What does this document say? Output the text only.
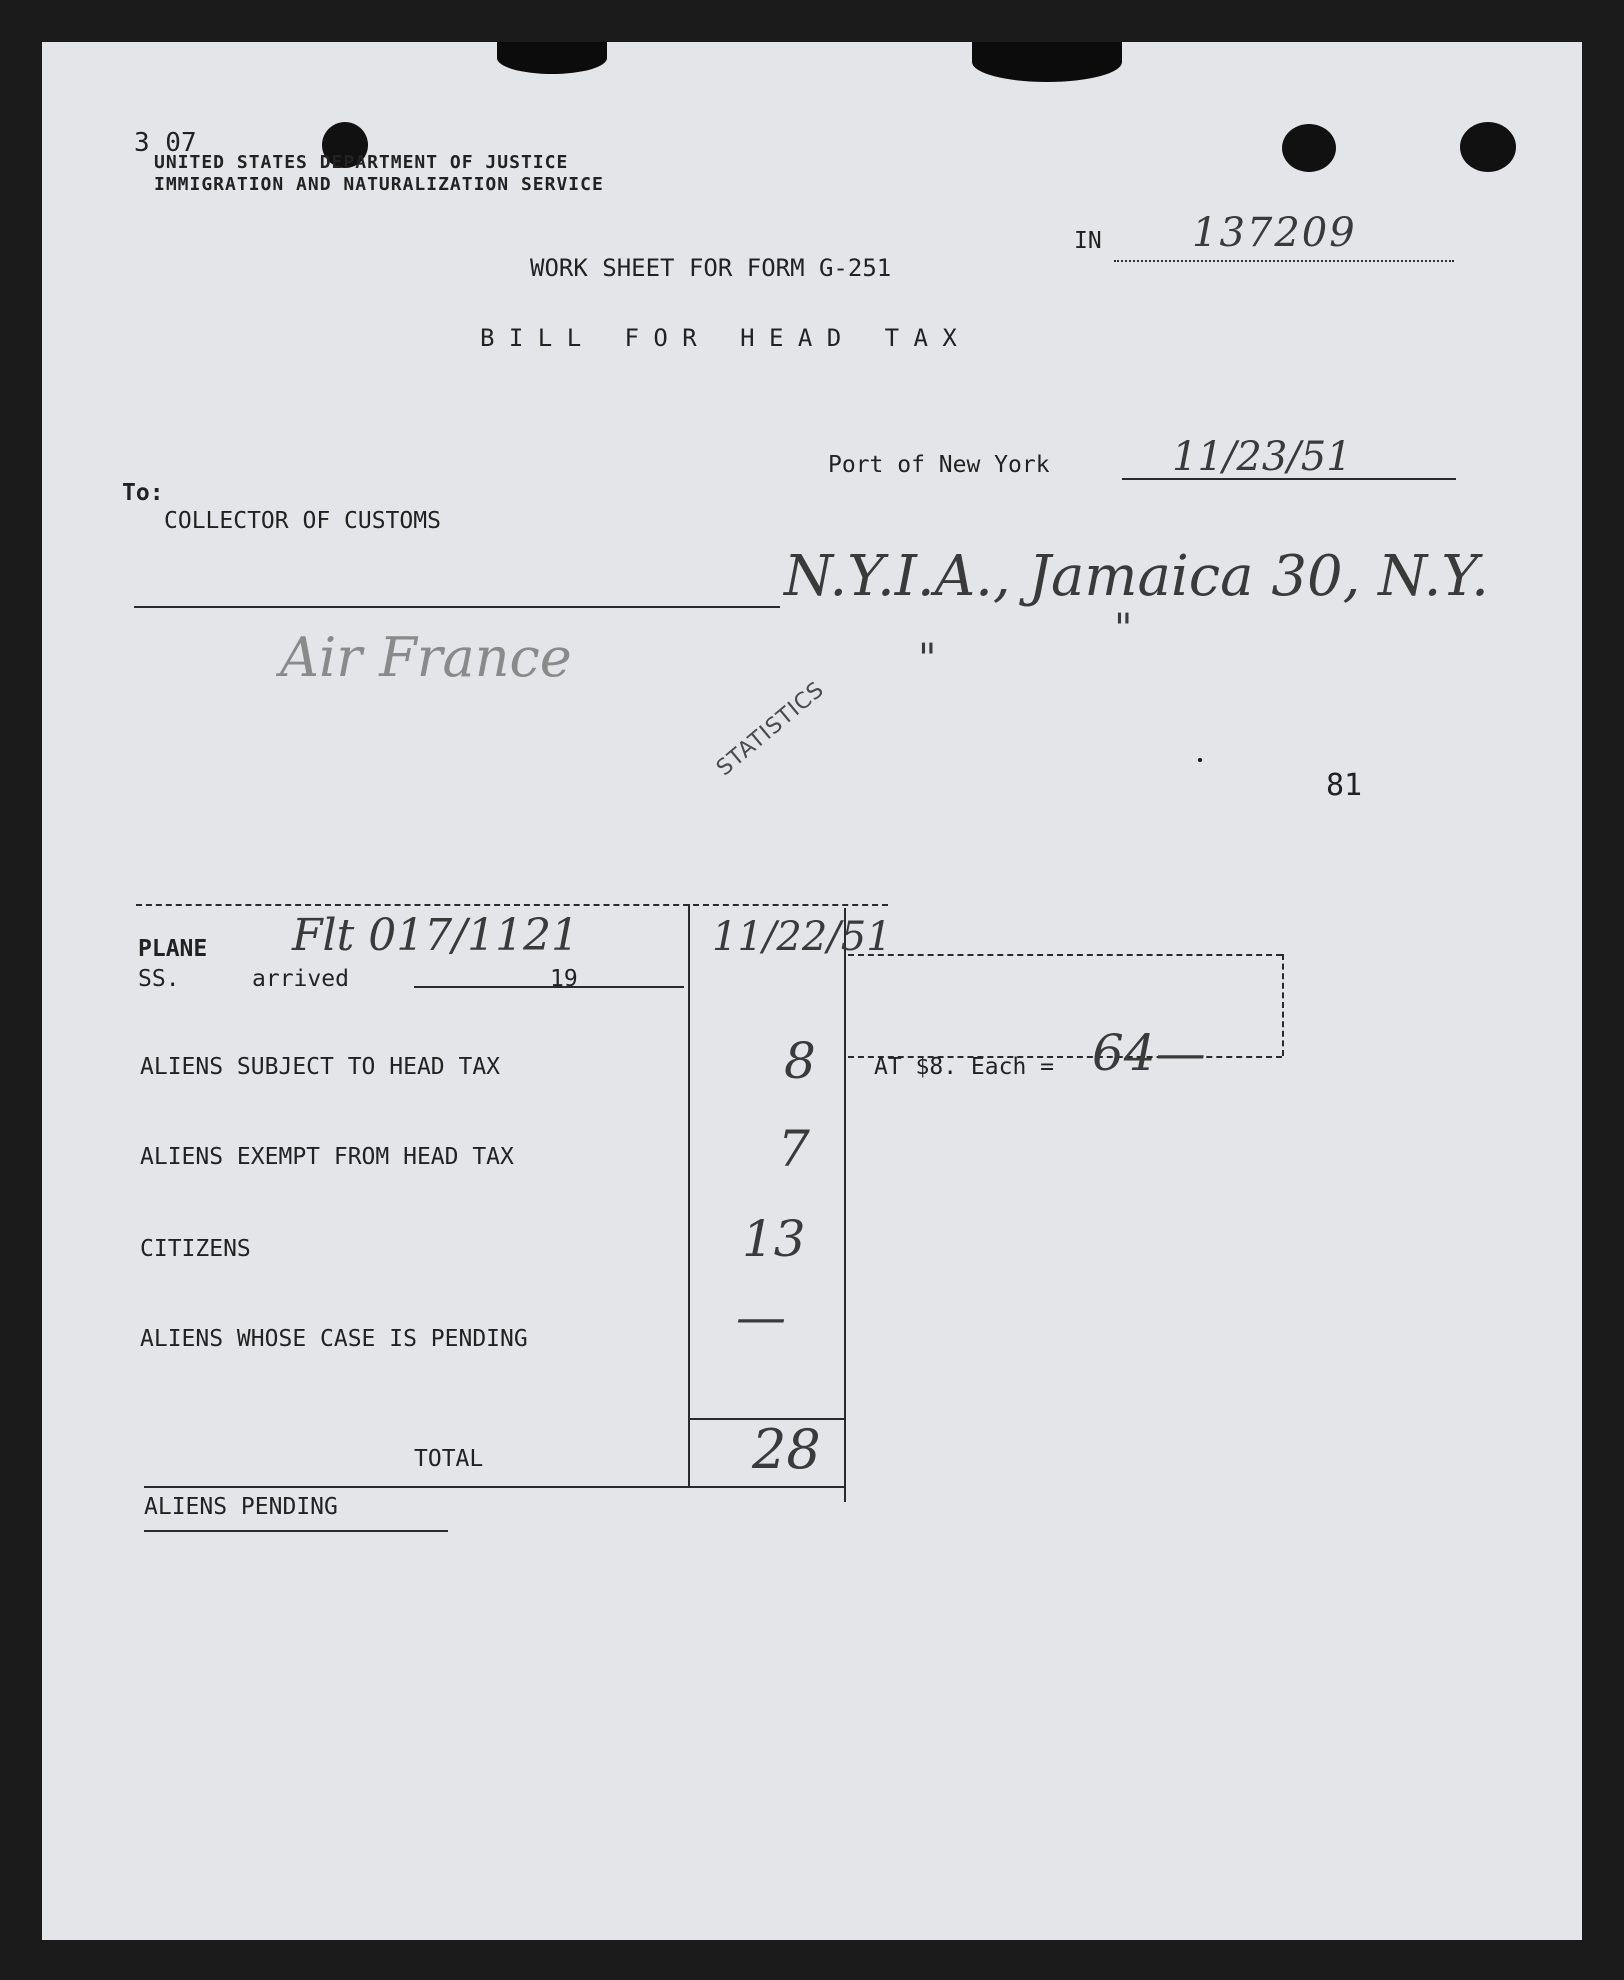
3 07
UNITED STATES DEPARTMENT OF JUSTICE
IMMIGRATION AND NATURALIZATION SERVICE
IN 137209
WORK SHEET FOR FORM G-251
B I L L   F O R   H E A D   T A X
Port of New York	11/23/51
To:
COLLECTOR OF CUSTOMS
N.Y.I.A., Jamaica 30, N.Y.
"
"
Air France
STATISTICS
81
PLANE
SS.	arrived	19
Flt 017/1121	11/22/51
AT $8. Each = 64—
ALIENS SUBJECT TO HEAD TAX	8
ALIENS EXEMPT FROM HEAD TAX	7
CITIZENS	13
ALIENS WHOSE CASE IS PENDING	—
TOTAL	28
ALIENS PENDING
